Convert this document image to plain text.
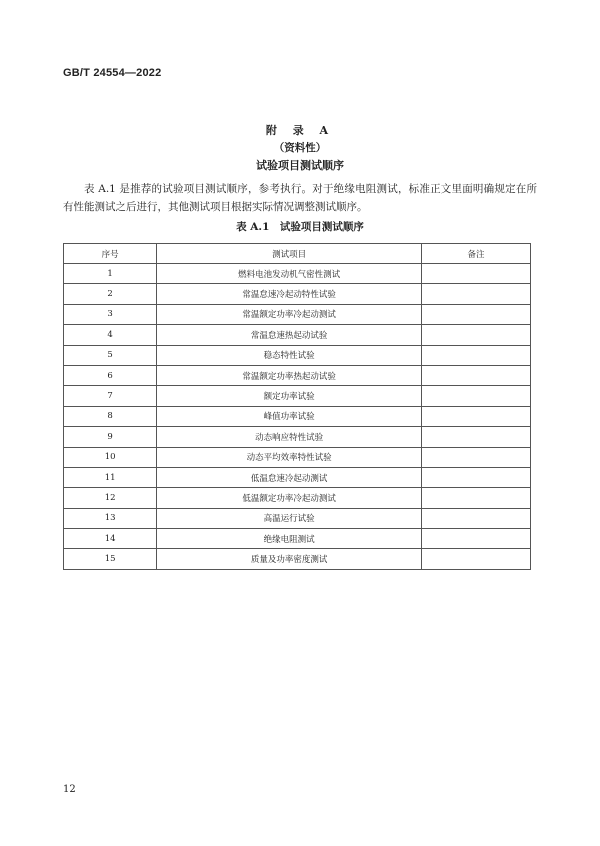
GB/T 24554—2022
附 录 A
（资料性）
试验项目测试顺序
表 A.1 是推荐的试验项目测试顺序，参考执行。对于绝缘电阻测试，标准正文里面明确规定在所有性能测试之后进行，其他测试项目根据实际情况调整测试顺序。
表 A.1　试验项目测试顺序
序号	测试项目	备注
1	燃料电池发动机气密性测试	
2	常温怠速冷起动特性试验	
3	常温额定功率冷起动测试	
4	常温怠速热起动试验	
5	稳态特性试验	
6	常温额定功率热起动试验	
7	额定功率试验	
8	峰值功率试验	
9	动态响应特性试验	
10	动态平均效率特性试验	
11	低温怠速冷起动测试	
12	低温额定功率冷起动测试	
13	高温运行试验	
14	绝缘电阻测试	
15	质量及功率密度测试	
12
